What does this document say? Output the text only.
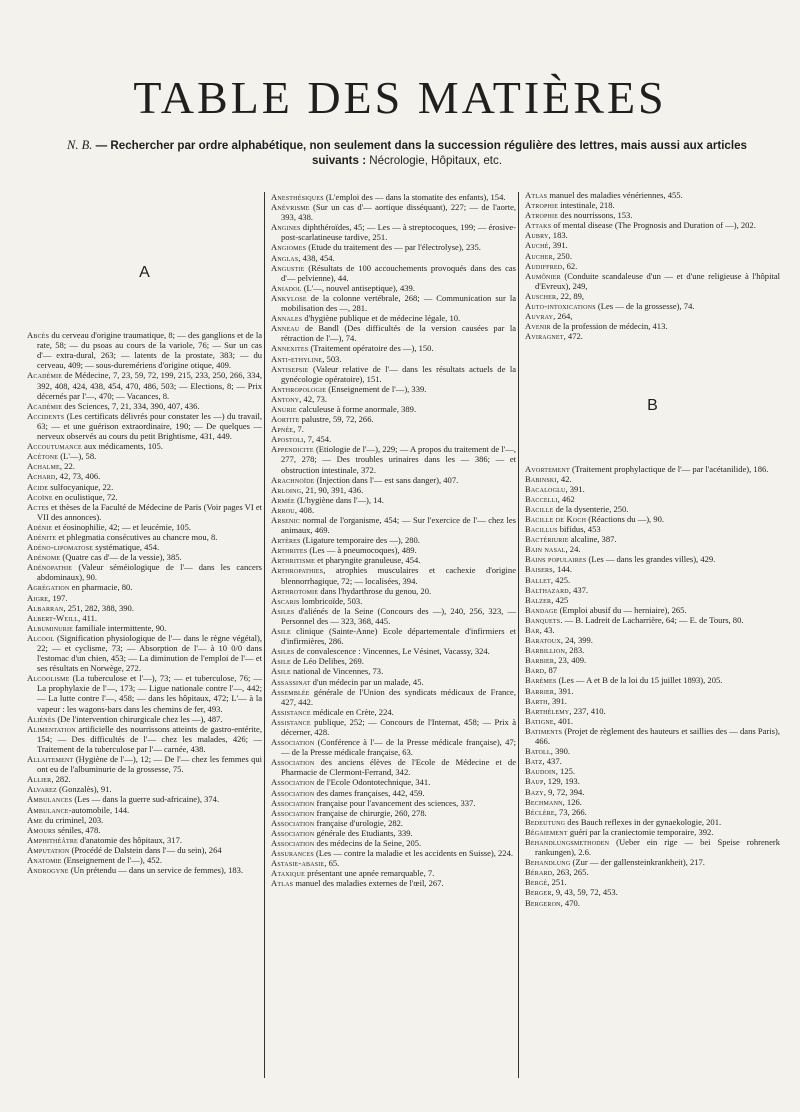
TABLE DES MATIÈRES
N. B. — Rechercher par ordre alphabétique, non seulement dans la succession régulière des lettres, mais aussi aux articles suivants : Nécrologie, Hôpitaux, etc.
A

Abcès du cerveau d'origine traumatique, 8; — des ganglions et de la rate, 58; — du psoas au cours de la variole, 76; — Sur un cas d'— extra-dural, 263; — latents de la prostate, 383; — du cerveau, 409; — sous-duremériens d'origine otique, 409.

Académie de Médecine, 7, 23, 59, 72, 199, 215, 233, 250, 266, 334, 392, 408, 424, 438, 454, 470, 486, 503; — Elections, 8; — Prix décernés par l'—, 470; — Vacances, 8.

Académie des Sciences, 7, 21, 334, 390, 407, 436.

Accidents (Les certificats délivrés pour constater les —) du travail, 63; — et une guérison extraordinaire, 190; — De quelques — nerveux observés au cours du petit Brightisme, 431, 449.

Accoutumance aux médicaments, 105.

Acétone (L'—), 58.

Achalme, 22.

Achard, 42, 73, 406.

Acide sulfocyanique, 22.

Acoïne en oculistique, 72.

Actes et thèses de la Faculté de Médecine de Paris (Voir pages VI et VII des annonces).

Adénie et éosinophilie, 42; — et leucémie, 105.

Adénite et phlegmatia consécutives au chancre mou, 8.

Adéno-lipomatose systématique, 454.

Adénome (Quatre cas d'— de la vessie), 385.

Adénopathie (Valeur séméiologique de l'— dans les cancers abdominaux), 90.

Agrégation en pharmacie, 80.

Aigre, 197.

Albarran, 251, 282, 388, 390.

Albert-Weill, 411.

Albuminurie familiale intermittente, 90.

Alcool (Signification physiologique de l'— dans le règne végétal), 22; — et cyclisme, 73; — Absorption de l'— à 10 0/0 dans l'estomac d'un chien, 453; — La diminution de l'emploi de l'— et ses résultats en Norwège, 272.

Alcoolisme (La tuberculose et l'—), 73; — et tuberculose, 76; — La prophylaxie de l'—, 173; — Ligue nationale contre l'—, 442; — La lutte contre l'—, 458; — dans les hôpitaux, 472; L'— à la vapeur : les wagons-bars dans les chemins de fer, 493.

Aliénés (De l'intervention chirurgicale chez les —), 487.

Alimentation artificielle des nourrissons atteints de gastro-entérite, 154; — Des difficultés de l'— chez les malades, 426; — Traitement de la tuberculose par l'— carnée, 438.

Allaitement (Hygiène de l'—), 12; — De l'— chez les femmes qui ont eu de l'albuminurie de la grossesse, 75.

Allier, 282.

Alvarez (Gonzalès), 91.

Ambulances (Les — dans la guerre sud-africaine), 374.

Ambulance-automobile, 144.

Ame du criminel, 203.

Amours séniles, 478.

Amphithéâtre d'anatomie des hôpitaux, 317.

Amputation (Procédé de Dalstein dans l'— du sein), 264

Anatomie (Enseignement de l'—), 452.

Androgyne (Un prétendu — dans un service de femmes), 183.

Anesthésiques (L'emploi des — dans la stomatite des enfants), 154.

Anévrisme (Sur un cas d'— aortique disséquant), 227; — de l'aorte, 393, 438.

Angines diphthéroïdes, 45; — Les — à streptocoques, 199; — érosive-post-scarlatineuse tardive, 251.

Angiomes (Etude du traitement des — par l'électrolyse), 235.

Anglas, 438, 454.

Angustie (Résultats de 100 accouchements provoqués dans des cas d'— pelvienne), 44.

Aniadol (L'—, nouvel antiseptique), 439.

Ankylose de la colonne vertébrale, 268; — Communication sur la mobilisation des —, 281.

Annales d'hygiène publique et de médecine légale, 10.

Anneau de Bandl (Des difficultés de la version causées par la rétraction de l'—), 74.

Annexites (Traitement opératoire des —), 150.

Anti-ethyline, 503.

Antisepsie (Valeur relative de l'— dans les résultats actuels de la gynécologie opératoire), 151.

Anthropologie (Enseignement de l'—), 339.

Antony, 42, 73.

Anurie calculeuse à forme anormale, 389.

Aortite palustre, 59, 72, 266.

Apnée, 7.

Apostoli, 7, 454.

Appendicite (Etiologie de l'—), 229; — A propos du traitement de l'—, 277, 278; — Des troubles urinaires dans les — 386; — et obstruction intestinale, 372.

Arachnoïde (Injection dans l'— est sans danger), 407.

Arloing, 21, 90, 391, 436.

Armée (L'hygiène dans l'—), 14.

Arrou, 408.

Arsenic normal de l'organisme, 454; — Sur l'exercice de l'— chez les animaux, 469.

Artères (Ligature temporaire des —), 280.

Arthrites (Les — à pneumocoques), 489.

Arthritisme et pharyngite granuleuse, 454.

Arthropathies, atrophies musculaires et cachexie d'origine blennorrhagique, 72; — localisées, 394.

Arthrotomie dans l'hydarthrose du genou, 20.

Ascaris lombricoïde, 503.

Asiles d'aliénés de la Seine (Concours des —), 240, 256, 323, — Personnel des — 323, 368, 445.

Asile clinique (Sainte-Anne) Ecole départementale d'infirmiers et d'infirmières, 286.

Asiles de convalescence : Vincennes, Le Vésinet, Vacassy, 324.

Asile de Léo Delibes, 269.

Asile national de Vincennes, 73.

Assassinat d'un médecin par un malade, 45.

Assemblée générale de l'Union des syndicats médicaux de France, 427, 442.

Assistance médicale en Crète, 224.

Assistance publique, 252; — Concours de l'Internat, 458; — Prix à décerner, 428.

Association (Conférence à l'— de la Presse médicale française), 47; — de la Presse médicale française, 63.

Association des anciens élèves de l'Ecole de Médecine et de Pharmacie de Clermont-Ferrand, 342.

Association de l'Ecole Odontotechnique, 341.

Association des dames françaises, 442, 459.

Association française pour l'avancement des sciences, 337.

Association française de chirurgie, 260, 278.

Association française d'urologie, 282.

Association générale des Etudiants, 339.

Association des médecins de la Seine, 205.

Assurances (Les — contre la maladie et les accidents en Suisse), 224.

Astasie-abasie, 65.

Ataxique présentant une apnée remarquable, 7.

Atlas manuel des maladies externes de l'œil, 267.

Atlas manuel des maladies vénériennes, 455.

Atrophie intestinale, 218.

Atrophie des nourrissons, 153.

Attaks of mental disease (The Prognosis and Duration of —), 202.

Aubry, 183.

Auché, 391.

Aucher, 250.

Audiffred, 62.

Aumônier (Conduite scandaleuse d'un — et d'une religieuse à l'hôpital d'Evreux), 249,

Auscher, 22, 89,

Auto-intoxications (Les — de la grossesse), 74.

Auvray, 264,

Avenir de la profession de médecin, 413.

Aviragnet, 472.

B

Avortement (Traitement prophylactique de l'— par l'acétanilide), 186.

Babinski, 42.

Bacaloglu, 391.

Baccelli, 462

Bacille de la dysenterie, 250.

Bacille de Koch (Réactions du —), 90.

Bacillus bifidus, 453

Bactériurie alcaline, 387.

Bain nasal, 24.

Bains populaires (Les — dans les grandes villes), 429.

Baisers, 144.

Ballet, 425.

Balthazard, 437.

Balzer, 425

Bandage (Emploi abusif du — herniaire), 265.

Banquets. — B. Ladreit de Lacharrière, 64; — E. de Tours, 80.

Bar, 43.

Baratoux, 24, 399.

Barbillion, 283.

Barbier, 23, 409.

Bard, 87

Barèmes (Les — A et B de la loi du 15 juillet 1893), 205.

Barrier, 391.

Barth, 391.

Barthélemy, 237, 410.

Batigne, 401.

Batiments (Projet de règlement des hauteurs et saillies des — dans Paris), 466.

Batoll, 390.

Batz, 437.

Baudoin, 125.

Baup, 129, 193.

Bazy, 9, 72, 394.

Bechmann, 126.

Béclère, 73, 266.

Bedeutung des Bauch reflexes in der gynaekologie, 201.

Bégaiement guéri par la craniectomie temporaire, 392.

Behandlungsmethoden (Ueber ein rige — bei Speise rohrenerk rankungen), 2.6.

Behandlung (Zur — der gallensteinkrankheit), 217.

Bérard, 263, 265.

Bergé, 251.

Berger, 9, 43, 59, 72, 453.

Bergeron, 470.
